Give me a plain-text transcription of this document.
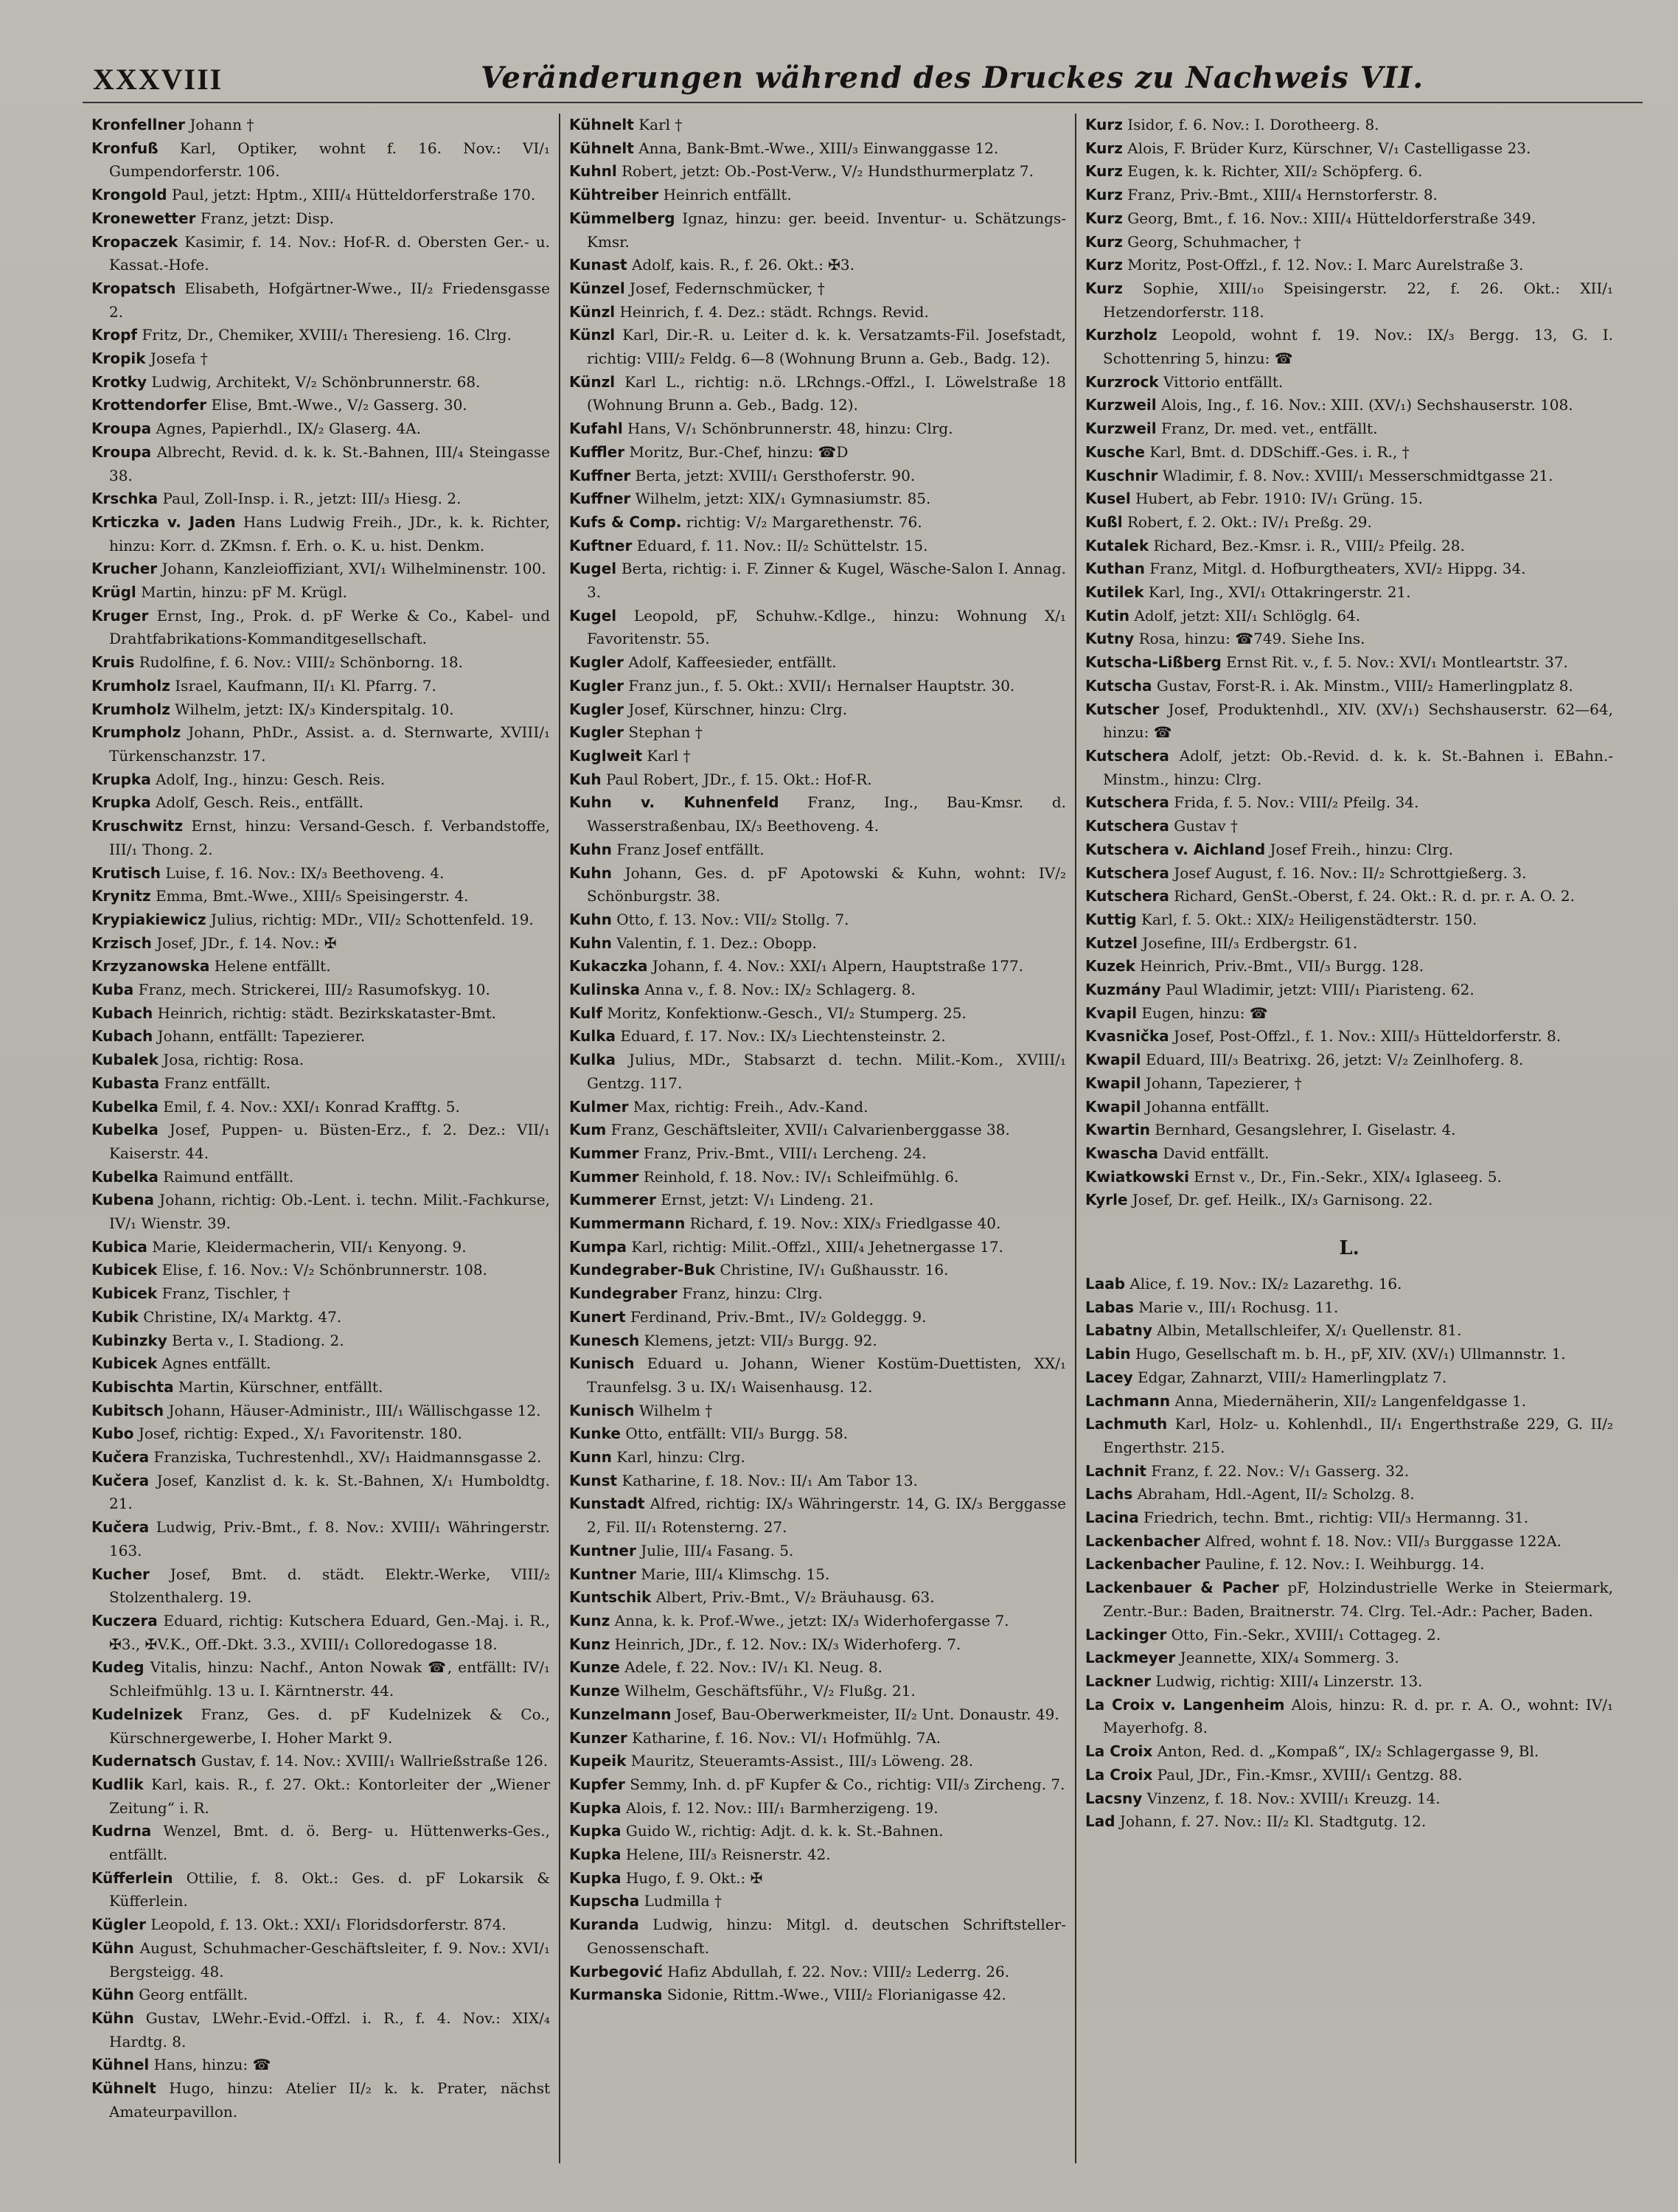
XXXVIII	Veränderungen während des Druckes zu Nachweis VII.

Kronfellner Johann †

Kronfuß Karl, Optiker, wohnt f. 16. Nov.: VI/₁ Gumpendorferstr. 106.

Krongold Paul, jetzt: Hptm., XIII/₄ Hütteldorferstraße 170.

Kronewetter Franz, jetzt: Disp.

Kropaczek Kasimir, f. 14. Nov.: Hof-R. d. Obersten Ger.- u. Kassat.-Hofe.

Kropatsch Elisabeth, Hofgärtner-Wwe., II/₂ Friedensgasse 2.

Kropf Fritz, Dr., Chemiker, XVIII/₁ Theresieng. 16. Clrg.

Kropik Josefa †

Krotky Ludwig, Architekt, V/₂ Schönbrunnerstr. 68.

Krottendorfer Elise, Bmt.-Wwe., V/₂ Gasserg. 30.

Kroupa Agnes, Papierhdl., IX/₂ Glaserg. 4A.

Kroupa Albrecht, Revid. d. k. k. St.-Bahnen, III/₄ Steingasse 38.

Krschka Paul, Zoll-Insp. i. R., jetzt: III/₃ Hiesg. 2.

Krticzka v. Jaden Hans Ludwig Freih., JDr., k. k. Richter, hinzu: Korr. d. ZKmsn. f. Erh. o. K. u. hist. Denkm.

Krucher Johann, Kanzleioffiziant, XVI/₁ Wilhelminenstr. 100.

Krügl Martin, hinzu: pF M. Krügl.

Kruger Ernst, Ing., Prok. d. pF Werke & Co., Kabel- und Drahtfabrikations-Kommanditgesellschaft.

Kruis Rudolfine, f. 6. Nov.: VIII/₂ Schönborng. 18.

Krumholz Israel, Kaufmann, II/₁ Kl. Pfarrg. 7.

Krumholz Wilhelm, jetzt: IX/₃ Kinderspitalg. 10.

Krumpholz Johann, PhDr., Assist. a. d. Sternwarte, XVIII/₁ Türkenschanzstr. 17.

Krupka Adolf, Ing., hinzu: Gesch. Reis.

Krupka Adolf, Gesch. Reis., entfällt.

Kruschwitz Ernst, hinzu: Versand-Gesch. f. Verbandstoffe, III/₁ Thong. 2.

Krutisch Luise, f. 16. Nov.: IX/₃ Beethoveng. 4.

Krynitz Emma, Bmt.-Wwe., XIII/₅ Speisingerstr. 4.

Krypiakiewicz Julius, richtig: MDr., VII/₂ Schottenfeld. 19.

Krzisch Josef, JDr., f. 14. Nov.: ✠

Krzyzanowska Helene entfällt.

Kuba Franz, mech. Strickerei, III/₂ Rasumofskyg. 10.

Kubach Heinrich, richtig: städt. Bezirkskataster-Bmt.

Kubach Johann, entfällt: Tapezierer.

Kubalek Josa, richtig: Rosa.

Kubasta Franz entfällt.

Kubelka Emil, f. 4. Nov.: XXI/₁ Konrad Krafftg. 5.

Kubelka Josef, Puppen- u. Büsten-Erz., f. 2. Dez.: VII/₁ Kaiserstr. 44.

Kubelka Raimund entfällt.

Kubena Johann, richtig: Ob.-Lent. i. techn. Milit.-Fachkurse, IV/₁ Wienstr. 39.

Kubica Marie, Kleidermacherin, VII/₁ Kenyong. 9.

Kubicek Elise, f. 16. Nov.: V/₂ Schönbrunnerstr. 108.

Kubicek Franz, Tischler, †

Kubik Christine, IX/₄ Marktg. 47.

Kubinzky Berta v., I. Stadiong. 2.

Kubicek Agnes entfällt.

Kubischta Martin, Kürschner, entfällt.

Kubitsch Johann, Häuser-Administr., III/₁ Wällischgasse 12.

Kubo Josef, richtig: Exped., X/₁ Favoritenstr. 180.

Kučera Franziska, Tuchrestenhdl., XV/₁ Haidmannsgasse 2.

Kučera Josef, Kanzlist d. k. k. St.-Bahnen, X/₁ Humboldtg. 21.

Kučera Ludwig, Priv.-Bmt., f. 8. Nov.: XVIII/₁ Währingerstr. 163.

Kucher Josef, Bmt. d. städt. Elektr.-Werke, VIII/₂ Stolzenthalerg. 19.

Kuczera Eduard, richtig: Kutschera Eduard, Gen.-Maj. i. R., ✠3., ✠V.K., Off.-Dkt. 3.3., XVIII/₁ Colloredogasse 18.

Kudeg Vitalis, hinzu: Nachf., Anton Nowak ☎, entfällt: IV/₁ Schleifmühlg. 13 u. I. Kärntnerstr. 44.

Kudelnizek Franz, Ges. d. pF Kudelnizek & Co., Kürschnergewerbe, I. Hoher Markt 9.

Kudernatsch Gustav, f. 14. Nov.: XVIII/₁ Wallrießstraße 126.

Kudlik Karl, kais. R., f. 27. Okt.: Kontorleiter der „Wiener Zeitung“ i. R.

Kudrna Wenzel, Bmt. d. ö. Berg- u. Hüttenwerks-Ges., entfällt.

Küfferlein Ottilie, f. 8. Okt.: Ges. d. pF Lokarsik & Küfferlein.

Kügler Leopold, f. 13. Okt.: XXI/₁ Floridsdorferstr. 874.

Kühn August, Schuhmacher-Geschäftsleiter, f. 9. Nov.: XVI/₁ Bergsteigg. 48.

Kühn Georg entfällt.

Kühn Gustav, LWehr.-Evid.-Offzl. i. R., f. 4. Nov.: XIX/₄ Hardtg. 8.

Kühnel Hans, hinzu: ☎

Kühnelt Hugo, hinzu: Atelier II/₂ k. k. Prater, nächst Amateurpavillon.

Kühnelt Karl †

Kühnelt Anna, Bank-Bmt.-Wwe., XIII/₃ Einwanggasse 12.

Kuhnl Robert, jetzt: Ob.-Post-Verw., V/₂ Hundsthurmerplatz 7.

Kühtreiber Heinrich entfällt.

Kümmelberg Ignaz, hinzu: ger. beeid. Inventur- u. Schätzungs-Kmsr.

Kunast Adolf, kais. R., f. 26. Okt.: ✠3.

Künzel Josef, Federnschmücker, †

Künzl Heinrich, f. 4. Dez.: städt. Rchngs. Revid.

Künzl Karl, Dir.-R. u. Leiter d. k. k. Versatzamts-Fil. Josefstadt, richtig: VIII/₂ Feldg. 6—8 (Wohnung Brunn a. Geb., Badg. 12).

Künzl Karl L., richtig: n.ö. LRchngs.-Offzl., I. Löwelstraße 18 (Wohnung Brunn a. Geb., Badg. 12).

Kufahl Hans, V/₁ Schönbrunnerstr. 48, hinzu: Clrg.

Kuffler Moritz, Bur.-Chef, hinzu: ☎D

Kuffner Berta, jetzt: XVIII/₁ Gersthoferstr. 90.

Kuffner Wilhelm, jetzt: XIX/₁ Gymnasiumstr. 85.

Kufs & Comp. richtig: V/₂ Margarethenstr. 76.

Kuftner Eduard, f. 11. Nov.: II/₂ Schüttelstr. 15.

Kugel Berta, richtig: i. F. Zinner & Kugel, Wäsche-Salon I. Annag. 3.

Kugel Leopold, pF, Schuhw.-Kdlge., hinzu: Wohnung X/₁ Favoritenstr. 55.

Kugler Adolf, Kaffeesieder, entfällt.

Kugler Franz jun., f. 5. Okt.: XVII/₁ Hernalser Hauptstr. 30.

Kugler Josef, Kürschner, hinzu: Clrg.

Kugler Stephan †

Kuglweit Karl †

Kuh Paul Robert, JDr., f. 15. Okt.: Hof-R.

Kuhn v. Kuhnenfeld Franz, Ing., Bau-Kmsr. d. Wasserstraßenbau, IX/₃ Beethoveng. 4.

Kuhn Franz Josef entfällt.

Kuhn Johann, Ges. d. pF Apotowski & Kuhn, wohnt: IV/₂ Schönburgstr. 38.

Kuhn Otto, f. 13. Nov.: VII/₂ Stollg. 7.

Kuhn Valentin, f. 1. Dez.: Obopp.

Kukaczka Johann, f. 4. Nov.: XXI/₁ Alpern, Hauptstraße 177.

Kulinska Anna v., f. 8. Nov.: IX/₂ Schlagerg. 8.

Kulf Moritz, Konfektionw.-Gesch., VI/₂ Stumperg. 25.

Kulka Eduard, f. 17. Nov.: IX/₃ Liechtensteinstr. 2.

Kulka Julius, MDr., Stabsarzt d. techn. Milit.-Kom., XVIII/₁ Gentzg. 117.

Kulmer Max, richtig: Freih., Adv.-Kand.

Kum Franz, Geschäftsleiter, XVII/₁ Calvarienberggasse 38.

Kummer Franz, Priv.-Bmt., VIII/₁ Lercheng. 24.

Kummer Reinhold, f. 18. Nov.: IV/₁ Schleifmühlg. 6.

Kummerer Ernst, jetzt: V/₁ Lindeng. 21.

Kummermann Richard, f. 19. Nov.: XIX/₃ Friedlgasse 40.

Kumpa Karl, richtig: Milit.-Offzl., XIII/₄ Jehetnergasse 17.

Kundegraber-Buk Christine, IV/₁ Gußhausstr. 16.

Kundegraber Franz, hinzu: Clrg.

Kunert Ferdinand, Priv.-Bmt., IV/₂ Goldeggg. 9.

Kunesch Klemens, jetzt: VII/₃ Burgg. 92.

Kunisch Eduard u. Johann, Wiener Kostüm-Duettisten, XX/₁ Traunfelsg. 3 u. IX/₁ Waisenhausg. 12.

Kunisch Wilhelm †

Kunke Otto, entfällt: VII/₃ Burgg. 58.

Kunn Karl, hinzu: Clrg.

Kunst Katharine, f. 18. Nov.: II/₁ Am Tabor 13.

Kunstadt Alfred, richtig: IX/₃ Währingerstr. 14, G. IX/₃ Berggasse 2, Fil. II/₁ Rotensterng. 27.

Kuntner Julie, III/₄ Fasang. 5.

Kuntner Marie, III/₄ Klimschg. 15.

Kuntschik Albert, Priv.-Bmt., V/₂ Bräuhausg. 63.

Kunz Anna, k. k. Prof.-Wwe., jetzt: IX/₃ Widerhofergasse 7.

Kunz Heinrich, JDr., f. 12. Nov.: IX/₃ Widerhoferg. 7.

Kunze Adele, f. 22. Nov.: IV/₁ Kl. Neug. 8.

Kunze Wilhelm, Geschäftsführ., V/₂ Flußg. 21.

Kunzelmann Josef, Bau-Oberwerkmeister, II/₂ Unt. Donaustr. 49.

Kunzer Katharine, f. 16. Nov.: VI/₁ Hofmühlg. 7A.

Kupeik Mauritz, Steueramts-Assist., III/₃ Löweng. 28.

Kupfer Semmy, Inh. d. pF Kupfer & Co., richtig: VII/₃ Zircheng. 7.

Kupka Alois, f. 12. Nov.: III/₁ Barmherzigeng. 19.

Kupka Guido W., richtig: Adjt. d. k. k. St.-Bahnen.

Kupka Helene, III/₃ Reisnerstr. 42.

Kupka Hugo, f. 9. Okt.: ✠

Kupscha Ludmilla †

Kuranda Ludwig, hinzu: Mitgl. d. deutschen Schriftsteller-Genossenschaft.

Kurbegović Hafiz Abdullah, f. 22. Nov.: VIII/₂ Lederrg. 26.

Kurmanska Sidonie, Rittm.-Wwe., VIII/₂ Florianigasse 42.

Kurz Isidor, f. 6. Nov.: I. Dorotheerg. 8.

Kurz Alois, F. Brüder Kurz, Kürschner, V/₁ Castelligasse 23.

Kurz Eugen, k. k. Richter, XII/₂ Schöpferg. 6.

Kurz Franz, Priv.-Bmt., XIII/₄ Hernstorferstr. 8.

Kurz Georg, Bmt., f. 16. Nov.: XIII/₄ Hütteldorferstraße 349.

Kurz Georg, Schuhmacher, †

Kurz Moritz, Post-Offzl., f. 12. Nov.: I. Marc Aurelstraße 3.

Kurz Sophie, XIII/₁₀ Speisingerstr. 22, f. 26. Okt.: XII/₁ Hetzendorferstr. 118.

Kurzholz Leopold, wohnt f. 19. Nov.: IX/₃ Bergg. 13, G. I. Schottenring 5, hinzu: ☎

Kurzrock Vittorio entfällt.

Kurzweil Alois, Ing., f. 16. Nov.: XIII. (XV/₁) Sechshauserstr. 108.

Kurzweil Franz, Dr. med. vet., entfällt.

Kusche Karl, Bmt. d. DDSchiff.-Ges. i. R., †

Kuschnir Wladimir, f. 8. Nov.: XVIII/₁ Messerschmidtgasse 21.

Kusel Hubert, ab Febr. 1910: IV/₁ Grüng. 15.

Kußl Robert, f. 2. Okt.: IV/₁ Preßg. 29.

Kutalek Richard, Bez.-Kmsr. i. R., VIII/₂ Pfeilg. 28.

Kuthan Franz, Mitgl. d. Hofburgtheaters, XVI/₂ Hippg. 34.

Kutilek Karl, Ing., XVI/₁ Ottakringerstr. 21.

Kutin Adolf, jetzt: XII/₁ Schlöglg. 64.

Kutny Rosa, hinzu: ☎749. Siehe Ins.

Kutscha-Lißberg Ernst Rit. v., f. 5. Nov.: XVI/₁ Montleartstr. 37.

Kutscha Gustav, Forst-R. i. Ak. Minstm., VIII/₂ Hamerlingplatz 8.

Kutscher Josef, Produktenhdl., XIV. (XV/₁) Sechshauserstr. 62—64, hinzu: ☎

Kutschera Adolf, jetzt: Ob.-Revid. d. k. k. St.-Bahnen i. EBahn.-Minstm., hinzu: Clrg.

Kutschera Frida, f. 5. Nov.: VIII/₂ Pfeilg. 34.

Kutschera Gustav †

Kutschera v. Aichland Josef Freih., hinzu: Clrg.

Kutschera Josef August, f. 16. Nov.: II/₂ Schrottgießerg. 3.

Kutschera Richard, GenSt.-Oberst, f. 24. Okt.: R. d. pr. r. A. O. 2.

Kuttig Karl, f. 5. Okt.: XIX/₂ Heiligenstädterstr. 150.

Kutzel Josefine, III/₃ Erdbergstr. 61.

Kuzek Heinrich, Priv.-Bmt., VII/₃ Burgg. 128.

Kuzmány Paul Wladimir, jetzt: VIII/₁ Piaristeng. 62.

Kvapil Eugen, hinzu: ☎

Kvasnička Josef, Post-Offzl., f. 1. Nov.: XIII/₃ Hütteldorferstr. 8.

Kwapil Eduard, III/₃ Beatrixg. 26, jetzt: V/₂ Zeinlhoferg. 8.

Kwapil Johann, Tapezierer, †

Kwapil Johanna entfällt.

Kwartin Bernhard, Gesangslehrer, I. Giselastr. 4.

Kwascha David entfällt.

Kwiatkowski Ernst v., Dr., Fin.-Sekr., XIX/₄ Iglaseeg. 5.

Kyrle Josef, Dr. gef. Heilk., IX/₃ Garnisong. 22.

L.

Laab Alice, f. 19. Nov.: IX/₂ Lazarethg. 16.

Labas Marie v., III/₁ Rochusg. 11.

Labatny Albin, Metallschleifer, X/₁ Quellenstr. 81.

Labin Hugo, Gesellschaft m. b. H., pF, XIV. (XV/₁) Ullmannstr. 1.

Lacey Edgar, Zahnarzt, VIII/₂ Hamerlingplatz 7.

Lachmann Anna, Miedernäherin, XII/₂ Langenfeldgasse 1.

Lachmuth Karl, Holz- u. Kohlenhdl., II/₁ Engerthstraße 229, G. II/₂ Engerthstr. 215.

Lachnit Franz, f. 22. Nov.: V/₁ Gasserg. 32.

Lachs Abraham, Hdl.-Agent, II/₂ Scholzg. 8.

Lacina Friedrich, techn. Bmt., richtig: VII/₃ Hermanng. 31.

Lackenbacher Alfred, wohnt f. 18. Nov.: VII/₃ Burggasse 122A.

Lackenbacher Pauline, f. 12. Nov.: I. Weihburgg. 14.

Lackenbauer & Pacher pF, Holzindustrielle Werke in Steiermark, Zentr.-Bur.: Baden, Braitnerstr. 74. Clrg. Tel.-Adr.: Pacher, Baden.

Lackinger Otto, Fin.-Sekr., XVIII/₁ Cottageg. 2.

Lackmeyer Jeannette, XIX/₄ Sommerg. 3.

Lackner Ludwig, richtig: XIII/₄ Linzerstr. 13.

La Croix v. Langenheim Alois, hinzu: R. d. pr. r. A. O., wohnt: IV/₁ Mayerhofg. 8.

La Croix Anton, Red. d. „Kompaß“, IX/₂ Schlagergasse 9, Bl.

La Croix Paul, JDr., Fin.-Kmsr., XVIII/₁ Gentzg. 88.

Lacsny Vinzenz, f. 18. Nov.: XVIII/₁ Kreuzg. 14.

Lad Johann, f. 27. Nov.: II/₂ Kl. Stadtgutg. 12.
